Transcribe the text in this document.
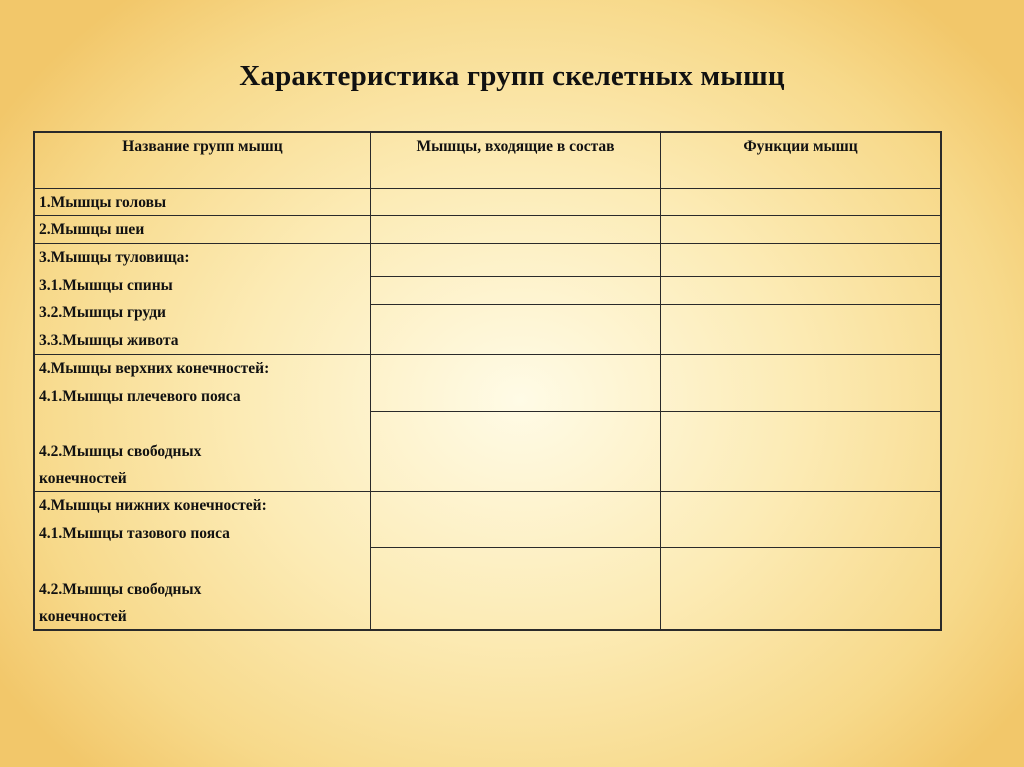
Характеристика групп скелетных мышц
Название групп мышц	Мышцы, входящие в состав	Функции мышц
1.Мышцы головы
2.Мышцы шеи
3.Мышцы туловища:
3.1.Мышцы спины
3.2.Мышцы груди
3.3.Мышцы живота
4.Мышцы верхних конечностей:
4.1.Мышцы плечевого пояса
4.2.Мышцы свободных
конечностей
4.Мышцы нижних конечностей:
4.1.Мышцы тазового пояса
4.2.Мышцы свободных
конечностей
